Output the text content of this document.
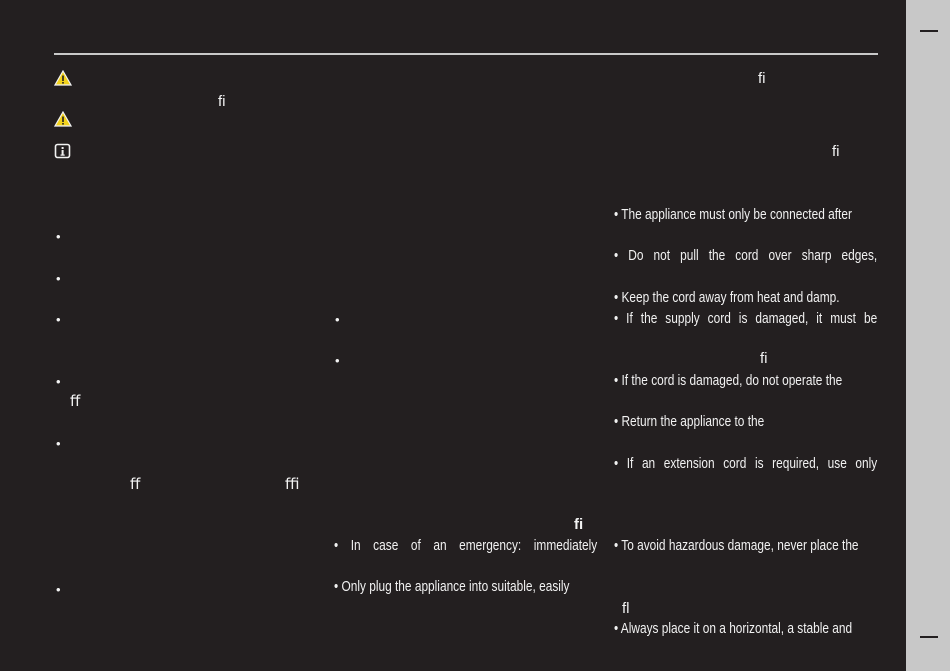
ﬁ
ﬀ
ﬀ	ﬃ
•
•
•
•
•
•
•
•
ﬁ
• In case of an emergency: immediately
• Only plug the appliance into suitable, easily
ﬁ
ﬁ
ﬁ
ﬂ
• The appliance must only be connected after
• Do not pull the cord over sharp edges,
• Keep the cord away from heat and damp.
• If the supply cord is damaged, it must be
• If the cord is damaged, do not operate the
• Return the appliance to the
• If an extension cord is required, use only
• To avoid hazardous damage, never place the
• Always place it on a horizontal, a stable and
